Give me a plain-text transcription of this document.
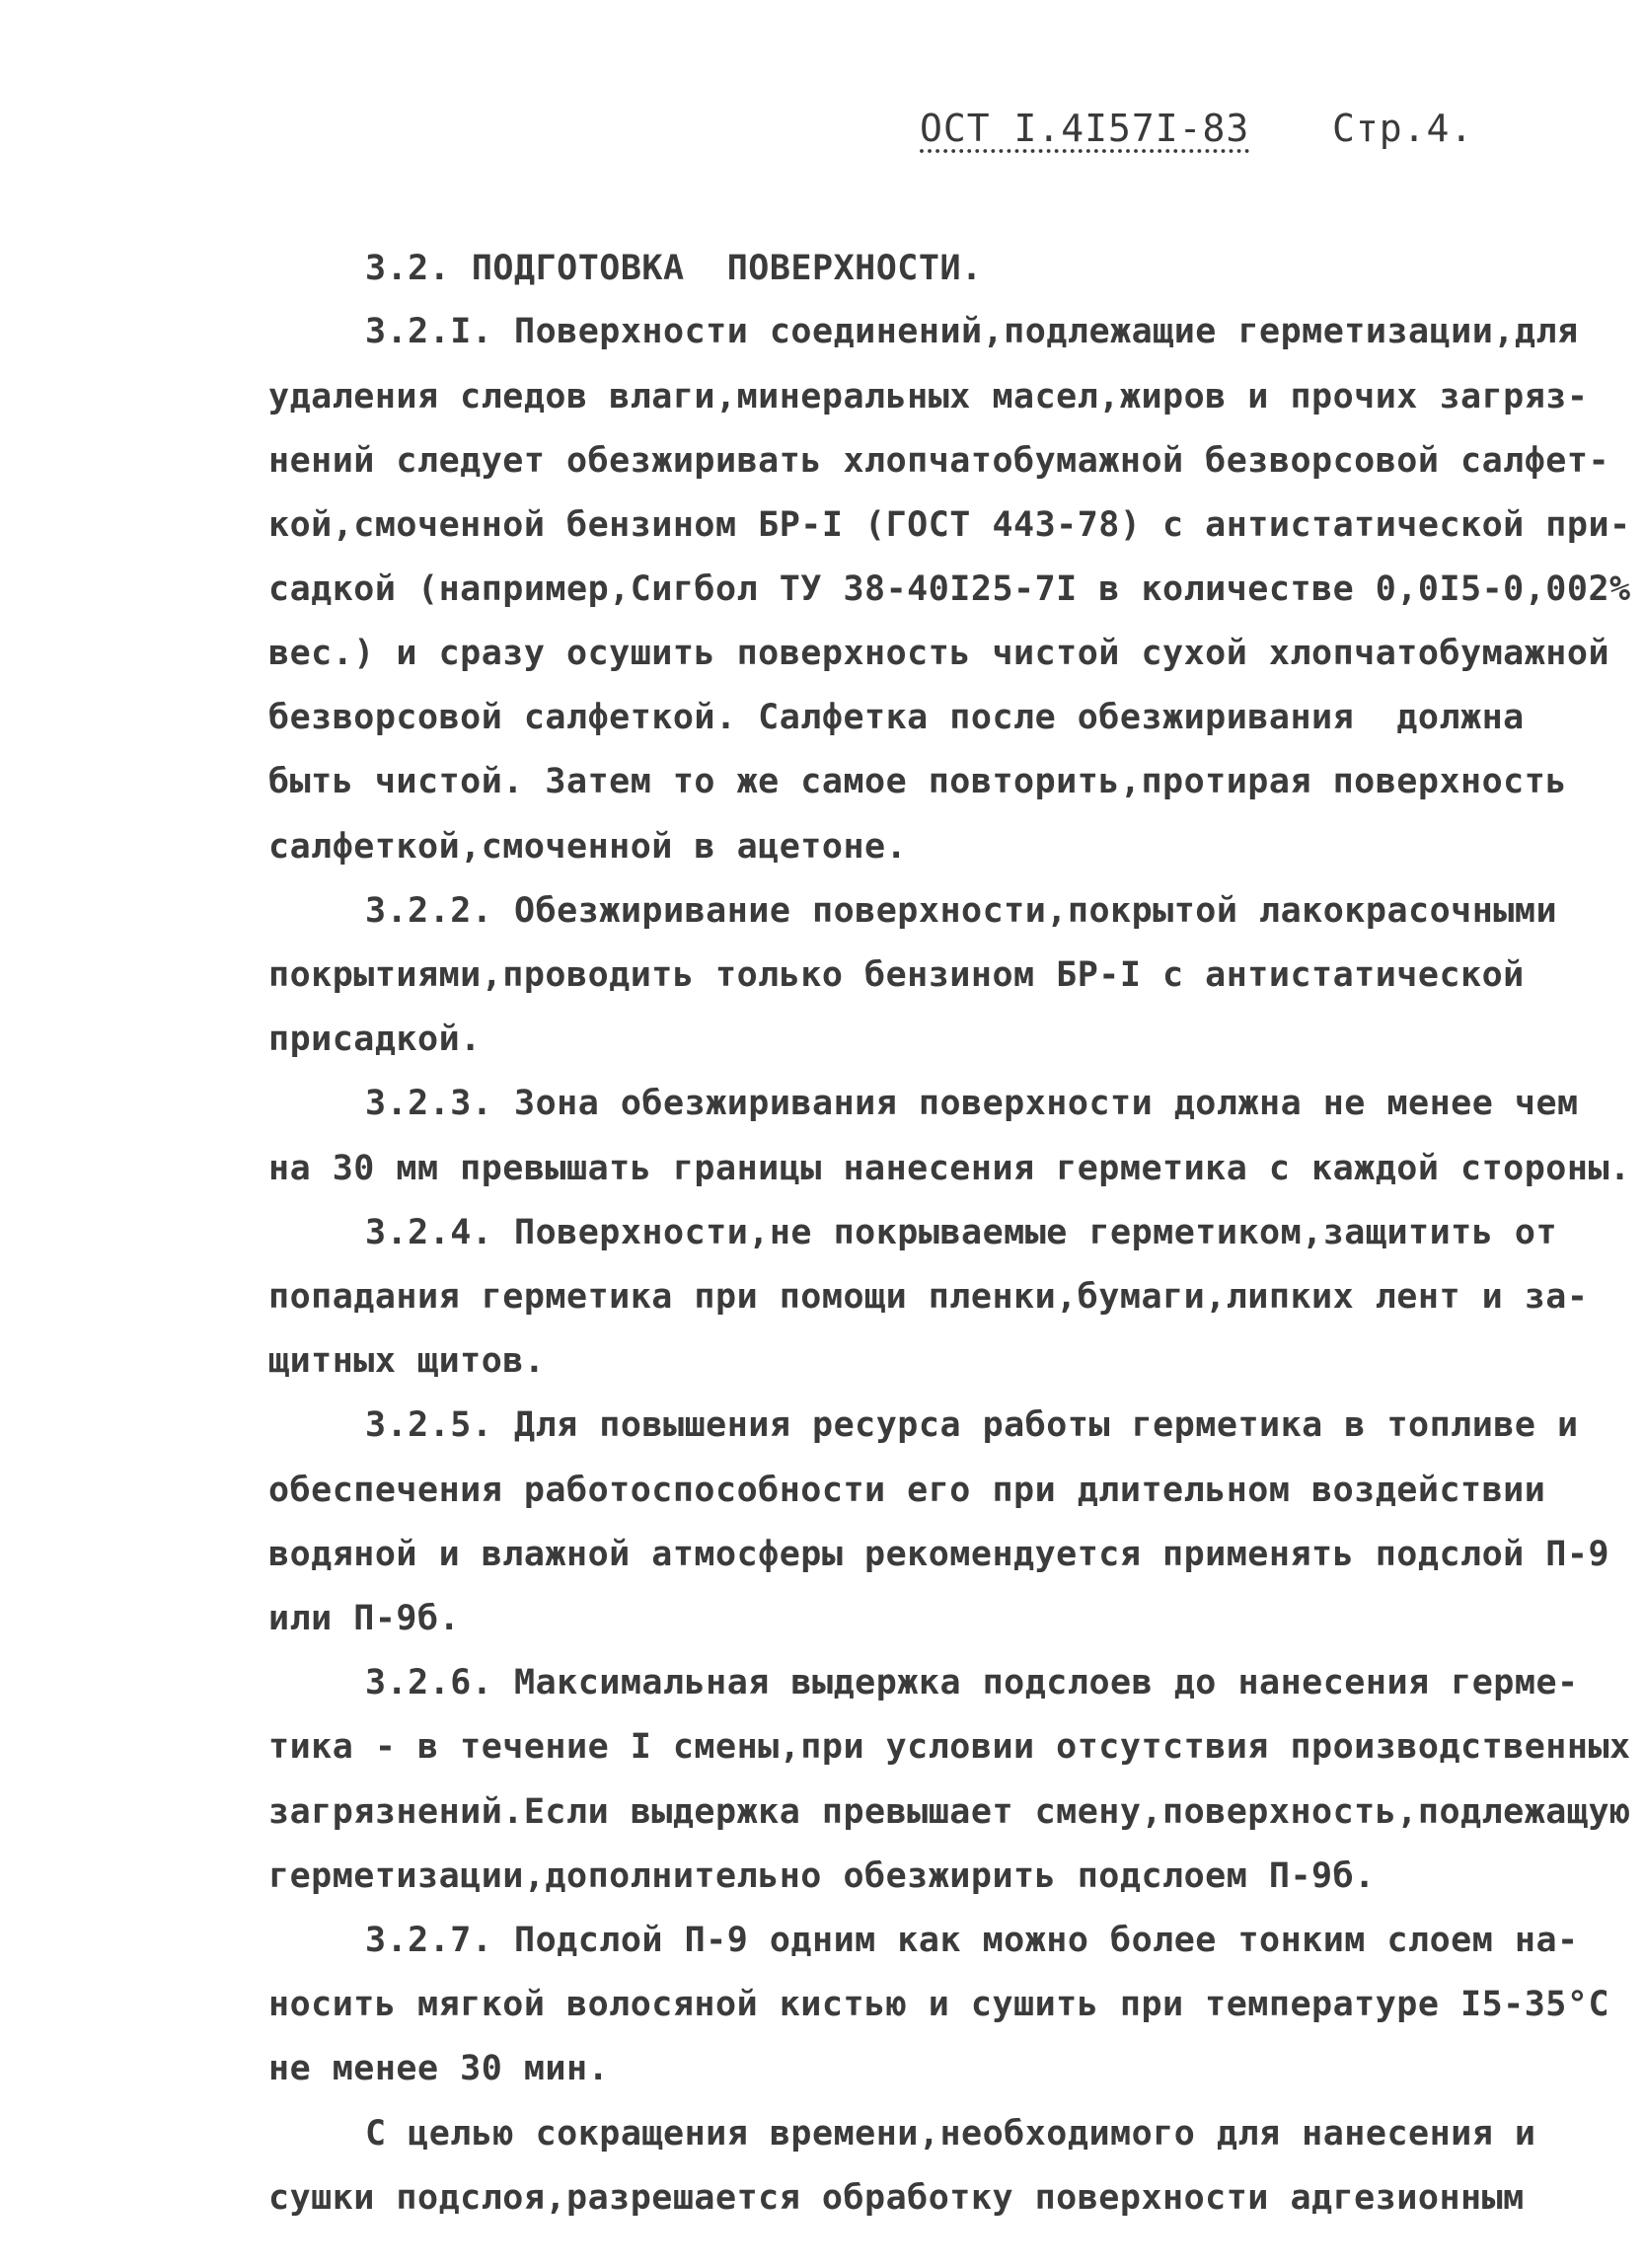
ОСТ I.4I57I-83 Стр.4.
3.2. ПОДГОТОВКА  ПОВЕРХНОСТИ.
3.2.I. Поверхности соединений,подлежащие герметизации,для
удаления следов влаги,минеральных масел,жиров и прочих загряз-
нений следует обезжиривать хлопчатобумажной безворсовой салфет-
кой,смоченной бензином БР-I (ГОСТ 443-78) с антистатической при-
садкой (например,Сигбол ТУ 38-40I25-7I в количестве 0,0I5-0,002%
вес.) и сразу осушить поверхность чистой сухой хлопчатобумажной
безворсовой салфеткой. Салфетка после обезжиривания  должна
быть чистой. Затем то же самое повторить,протирая поверхность
салфеткой,смоченной в ацетоне.
3.2.2. Обезжиривание поверхности,покрытой лакокрасочными
покрытиями,проводить только бензином БР-I с антистатической
присадкой.
3.2.3. Зона обезжиривания поверхности должна не менее чем
на 30 мм превышать границы нанесения герметика с каждой стороны.
3.2.4. Поверхности,не покрываемые герметиком,защитить от
попадания герметика при помощи пленки,бумаги,липких лент и за-
щитных щитов.
3.2.5. Для повышения ресурса работы герметика в топливе и
обеспечения работоспособности его при длительном воздействии
водяной и влажной атмосферы рекомендуется применять подслой П-9
или П-9б.
3.2.6. Максимальная выдержка подслоев до нанесения герме-
тика - в течение I смены,при условии отсутствия производственных
загрязнений.Если выдержка превышает смену,поверхность,подлежащую
герметизации,дополнительно обезжирить подслоем П-9б.
3.2.7. Подслой П-9 одним как можно более тонким слоем на-
носить мягкой волосяной кистью и сушить при температуре I5-35°С
не менее 30 мин.
С целью сокращения времени,необходимого для нанесения и
сушки подслоя,разрешается обработку поверхности адгезионным
